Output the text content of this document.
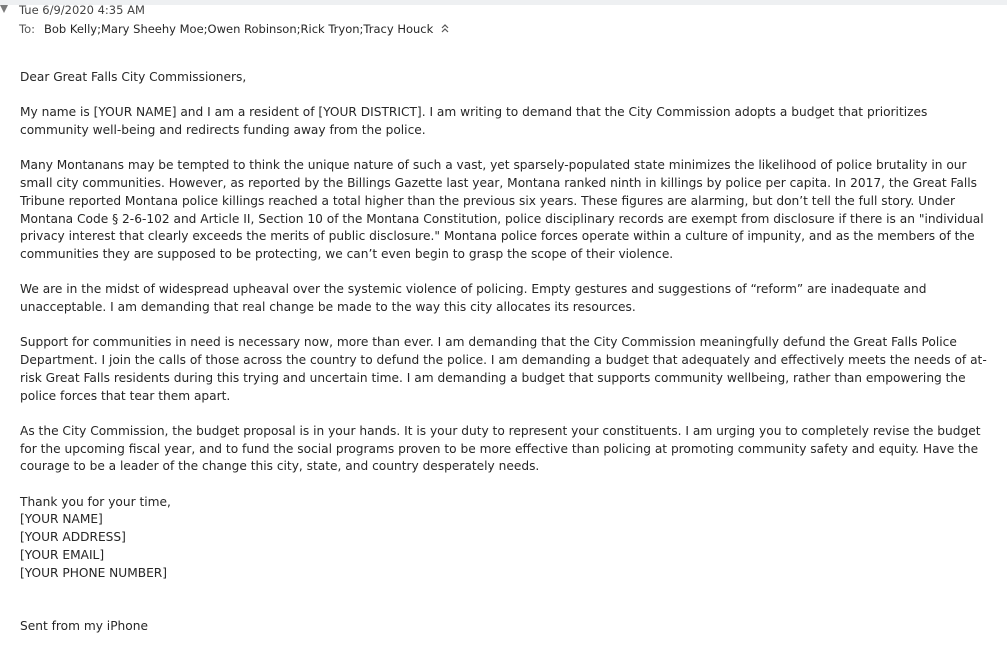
Tue 6/9/2020 4:35 AM
To: Bob Kelly ; Mary Sheehy Moe ; Owen Robinson ; Rick Tryon ; Tracy Houck

Dear Great Falls City Commissioners,

My name is [YOUR NAME] and I am a resident of [YOUR DISTRICT]. I am writing to demand that the City Commission adopts a budget that prioritizes community well-being and redirects funding away from the police.

Many Montanans may be tempted to think the unique nature of such a vast, yet sparsely-populated state minimizes the likelihood of police brutality in our small city communities. However, as reported by the Billings Gazette last year, Montana ranked ninth in killings by police per capita. In 2017, the Great Falls Tribune reported Montana police killings reached a total higher than the previous six years. These figures are alarming, but don’t tell the full story. Under Montana Code § 2-6-102 and Article II, Section 10 of the Montana Constitution, police disciplinary records are exempt from disclosure if there is an "individual privacy interest that clearly exceeds the merits of public disclosure." Montana police forces operate within a culture of impunity, and as the members of the communities they are supposed to be protecting, we can’t even begin to grasp the scope of their violence.

We are in the midst of widespread upheaval over the systemic violence of policing. Empty gestures and suggestions of “reform” are inadequate and unacceptable. I am demanding that real change be made to the way this city allocates its resources.

Support for communities in need is necessary now, more than ever. I am demanding that the City Commission meaningfully defund the Great Falls Police Department. I join the calls of those across the country to defund the police. I am demanding a budget that adequately and effectively meets the needs of at-risk Great Falls residents during this trying and uncertain time. I am demanding a budget that supports community wellbeing, rather than empowering the police forces that tear them apart.

As the City Commission, the budget proposal is in your hands. It is your duty to represent your constituents. I am urging you to completely revise the budget for the upcoming fiscal year, and to fund the social programs proven to be more effective than policing at promoting community safety and equity. Have the courage to be a leader of the change this city, state, and country desperately needs.

Thank you for your time,
[YOUR NAME]
[YOUR ADDRESS]
[YOUR EMAIL]
[YOUR PHONE NUMBER]
Sent from my iPhone
